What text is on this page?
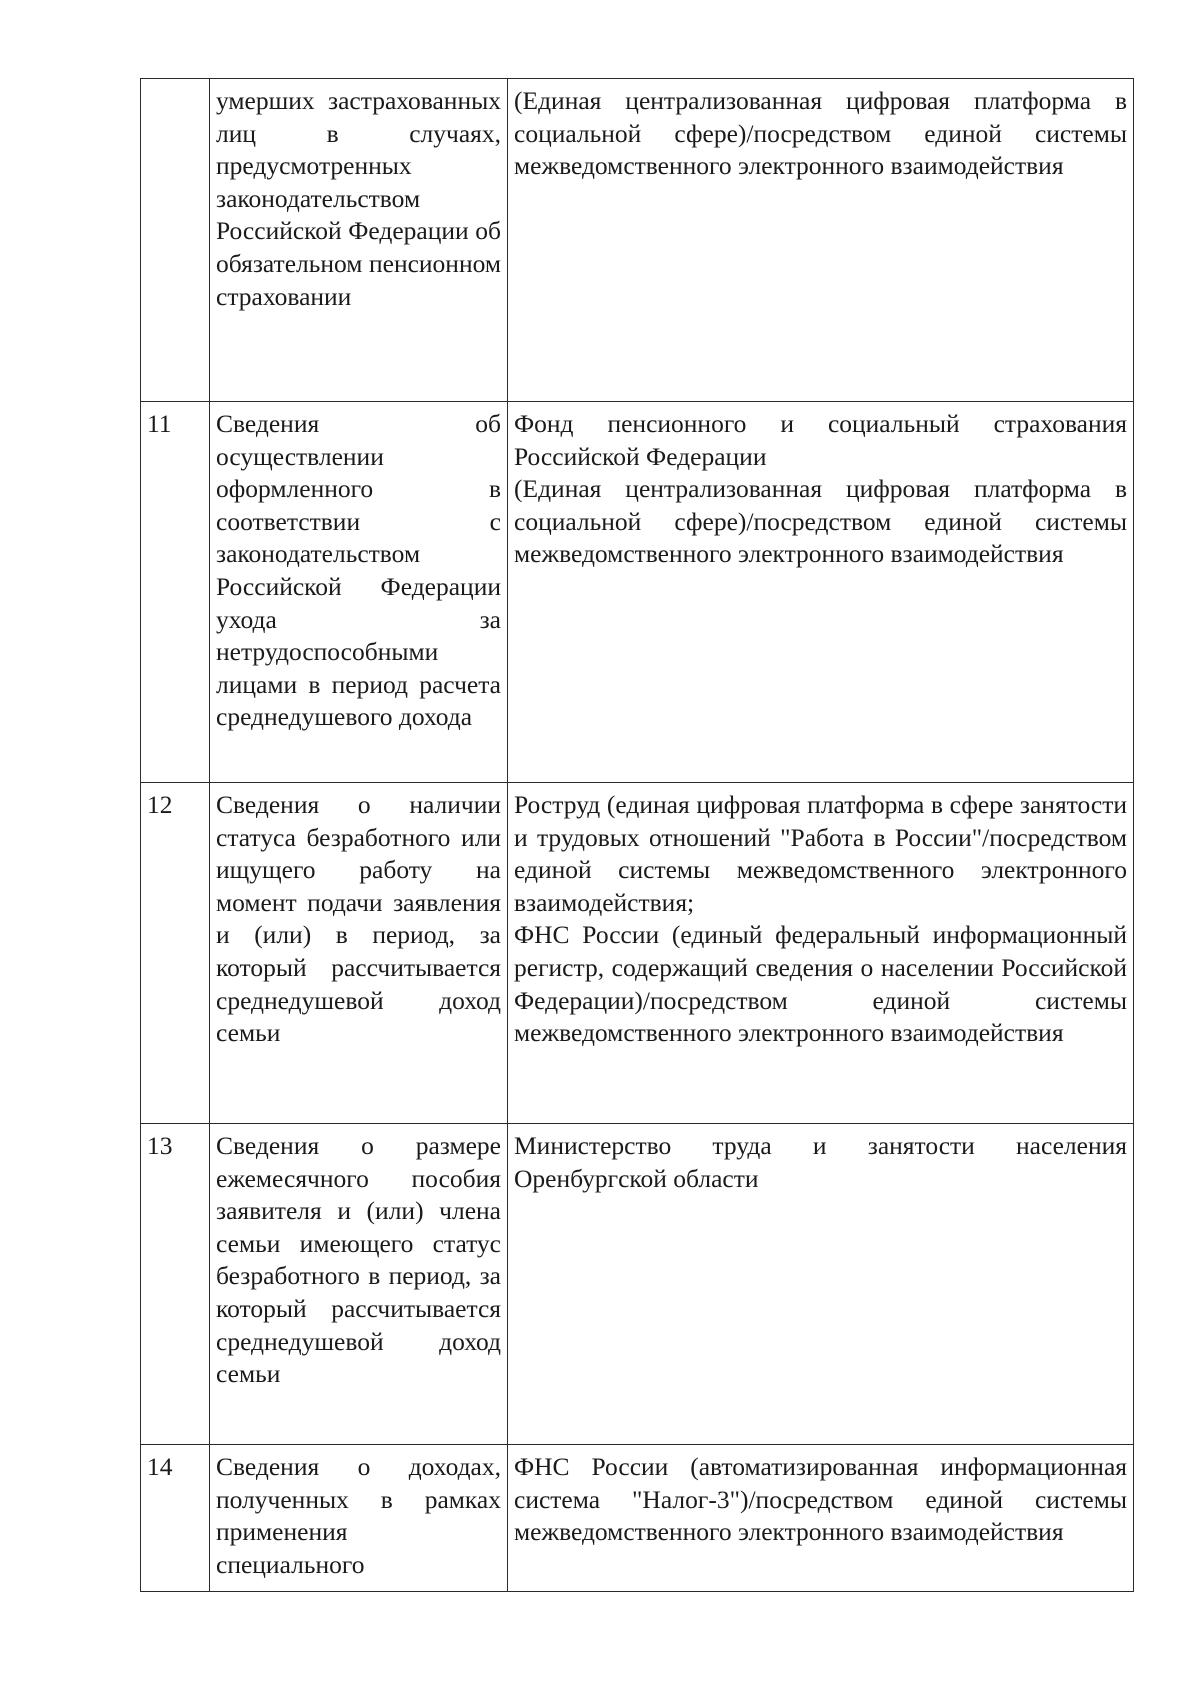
	умерших застрахованных лиц в случаях, предусмотренных законодательством Российской Федерации об обязательном пенсионном страховании	(Единая централизованная цифровая платформа в социальной сфере)/посредством единой системы межведомственного электронного взаимодействия
11	Сведения об осуществлении оформленного в соответствии с законодательством Российской Федерации ухода за нетрудоспособными лицами в период расчета среднедушевого дохода	Фонд пенсионного и социальный страхования Российской Федерации
(Единая централизованная цифровая платформа в социальной сфере)/посредством единой системы межведомственного электронного взаимодействия

12	Сведения о наличии статуса безработного или ищущего работу на момент подачи заявления и (или) в период, за который рассчитывается среднедушевой доход семьи	Роструд (единая цифровая платформа в сфере занятости и трудовых отношений "Работа в России"/посредством единой системы межведомственного электронного взаимодействия;
ФНС России (единый федеральный информационный регистр, содержащий сведения о населении Российской Федерации)/посредством единой системы межведомственного электронного взаимодействия

13	Сведения о размере ежемесячного пособия заявителя и (или) члена семьи имеющего статус безработного в период, за который рассчитывается среднедушевой доход семьи	Министерство труда и занятости населения Оренбургской области
14	Сведения о доходах, полученных в рамках применения специального	ФНС России (автоматизированная информационная система "Налог-3")/посредством единой системы межведомственного электронного взаимодействия
